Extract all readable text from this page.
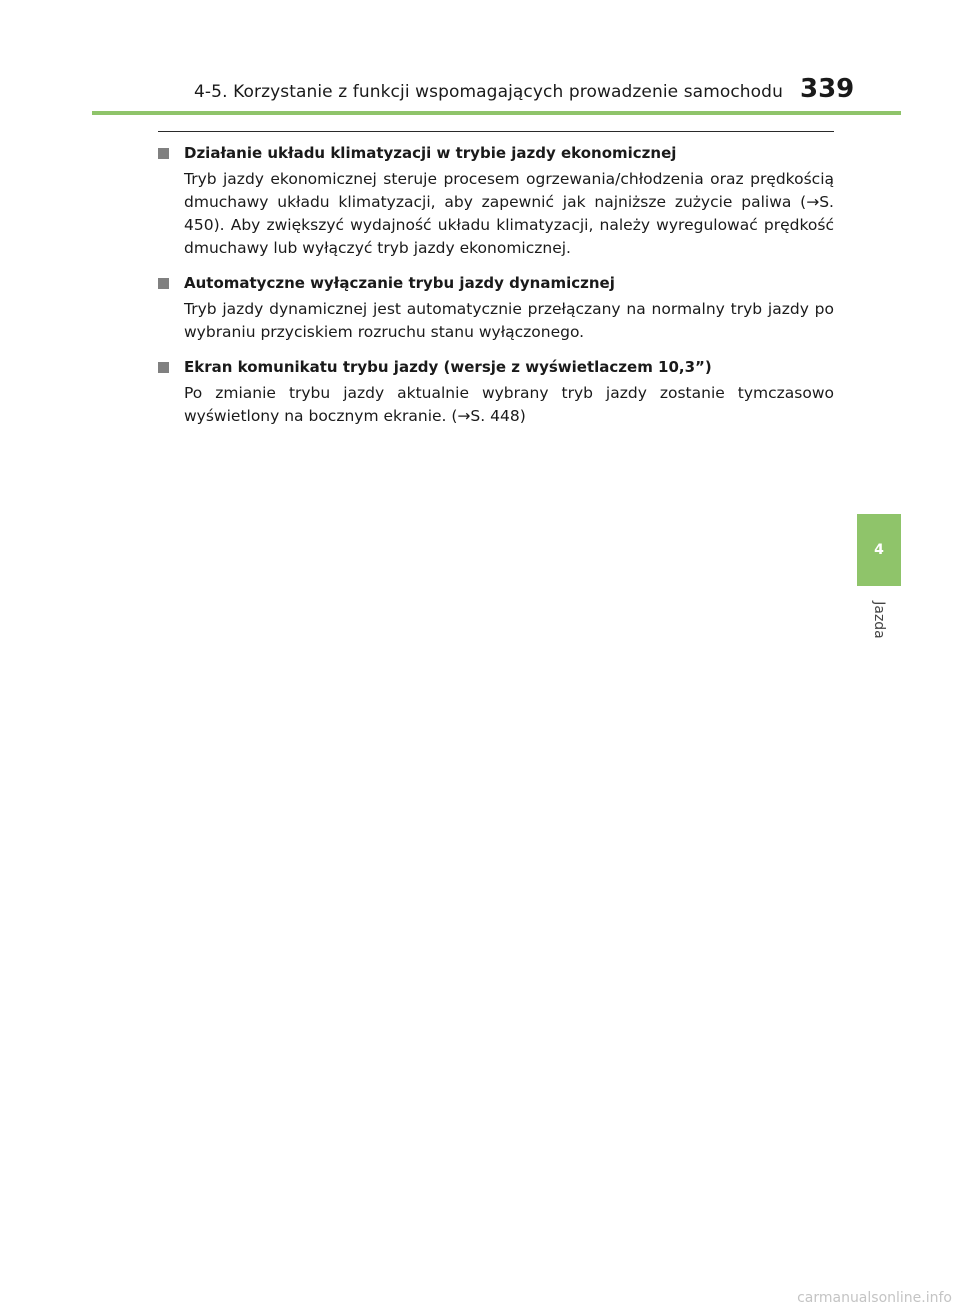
4-5. Korzystanie z funkcji wspomagających prowadzenie samochodu 339
Działanie układu klimatyzacji w trybie jazdy ekonomicznej
Tryb jazdy ekonomicznej steruje procesem ogrzewania/chłodzenia oraz prędkością dmuchawy układu klimatyzacji, aby zapewnić jak najniższe zużycie paliwa (→S. 450). Aby zwiększyć wydajność układu klimatyzacji, należy wyregulować prędkość dmuchawy lub wyłączyć tryb jazdy ekonomicznej.
Automatyczne wyłączanie trybu jazdy dynamicznej
Tryb jazdy dynamicznej jest automatycznie przełączany na normalny tryb jazdy po wybraniu przyciskiem rozruchu stanu wyłączonego.
Ekran komunikatu trybu jazdy (wersje z wyświetlaczem 10,3”)
Po zmianie trybu jazdy aktualnie wybrany tryb jazdy zostanie tymczasowo wyświetlony na bocznym ekranie. (→S. 448)
4
Jazda
carmanualsonline.info
